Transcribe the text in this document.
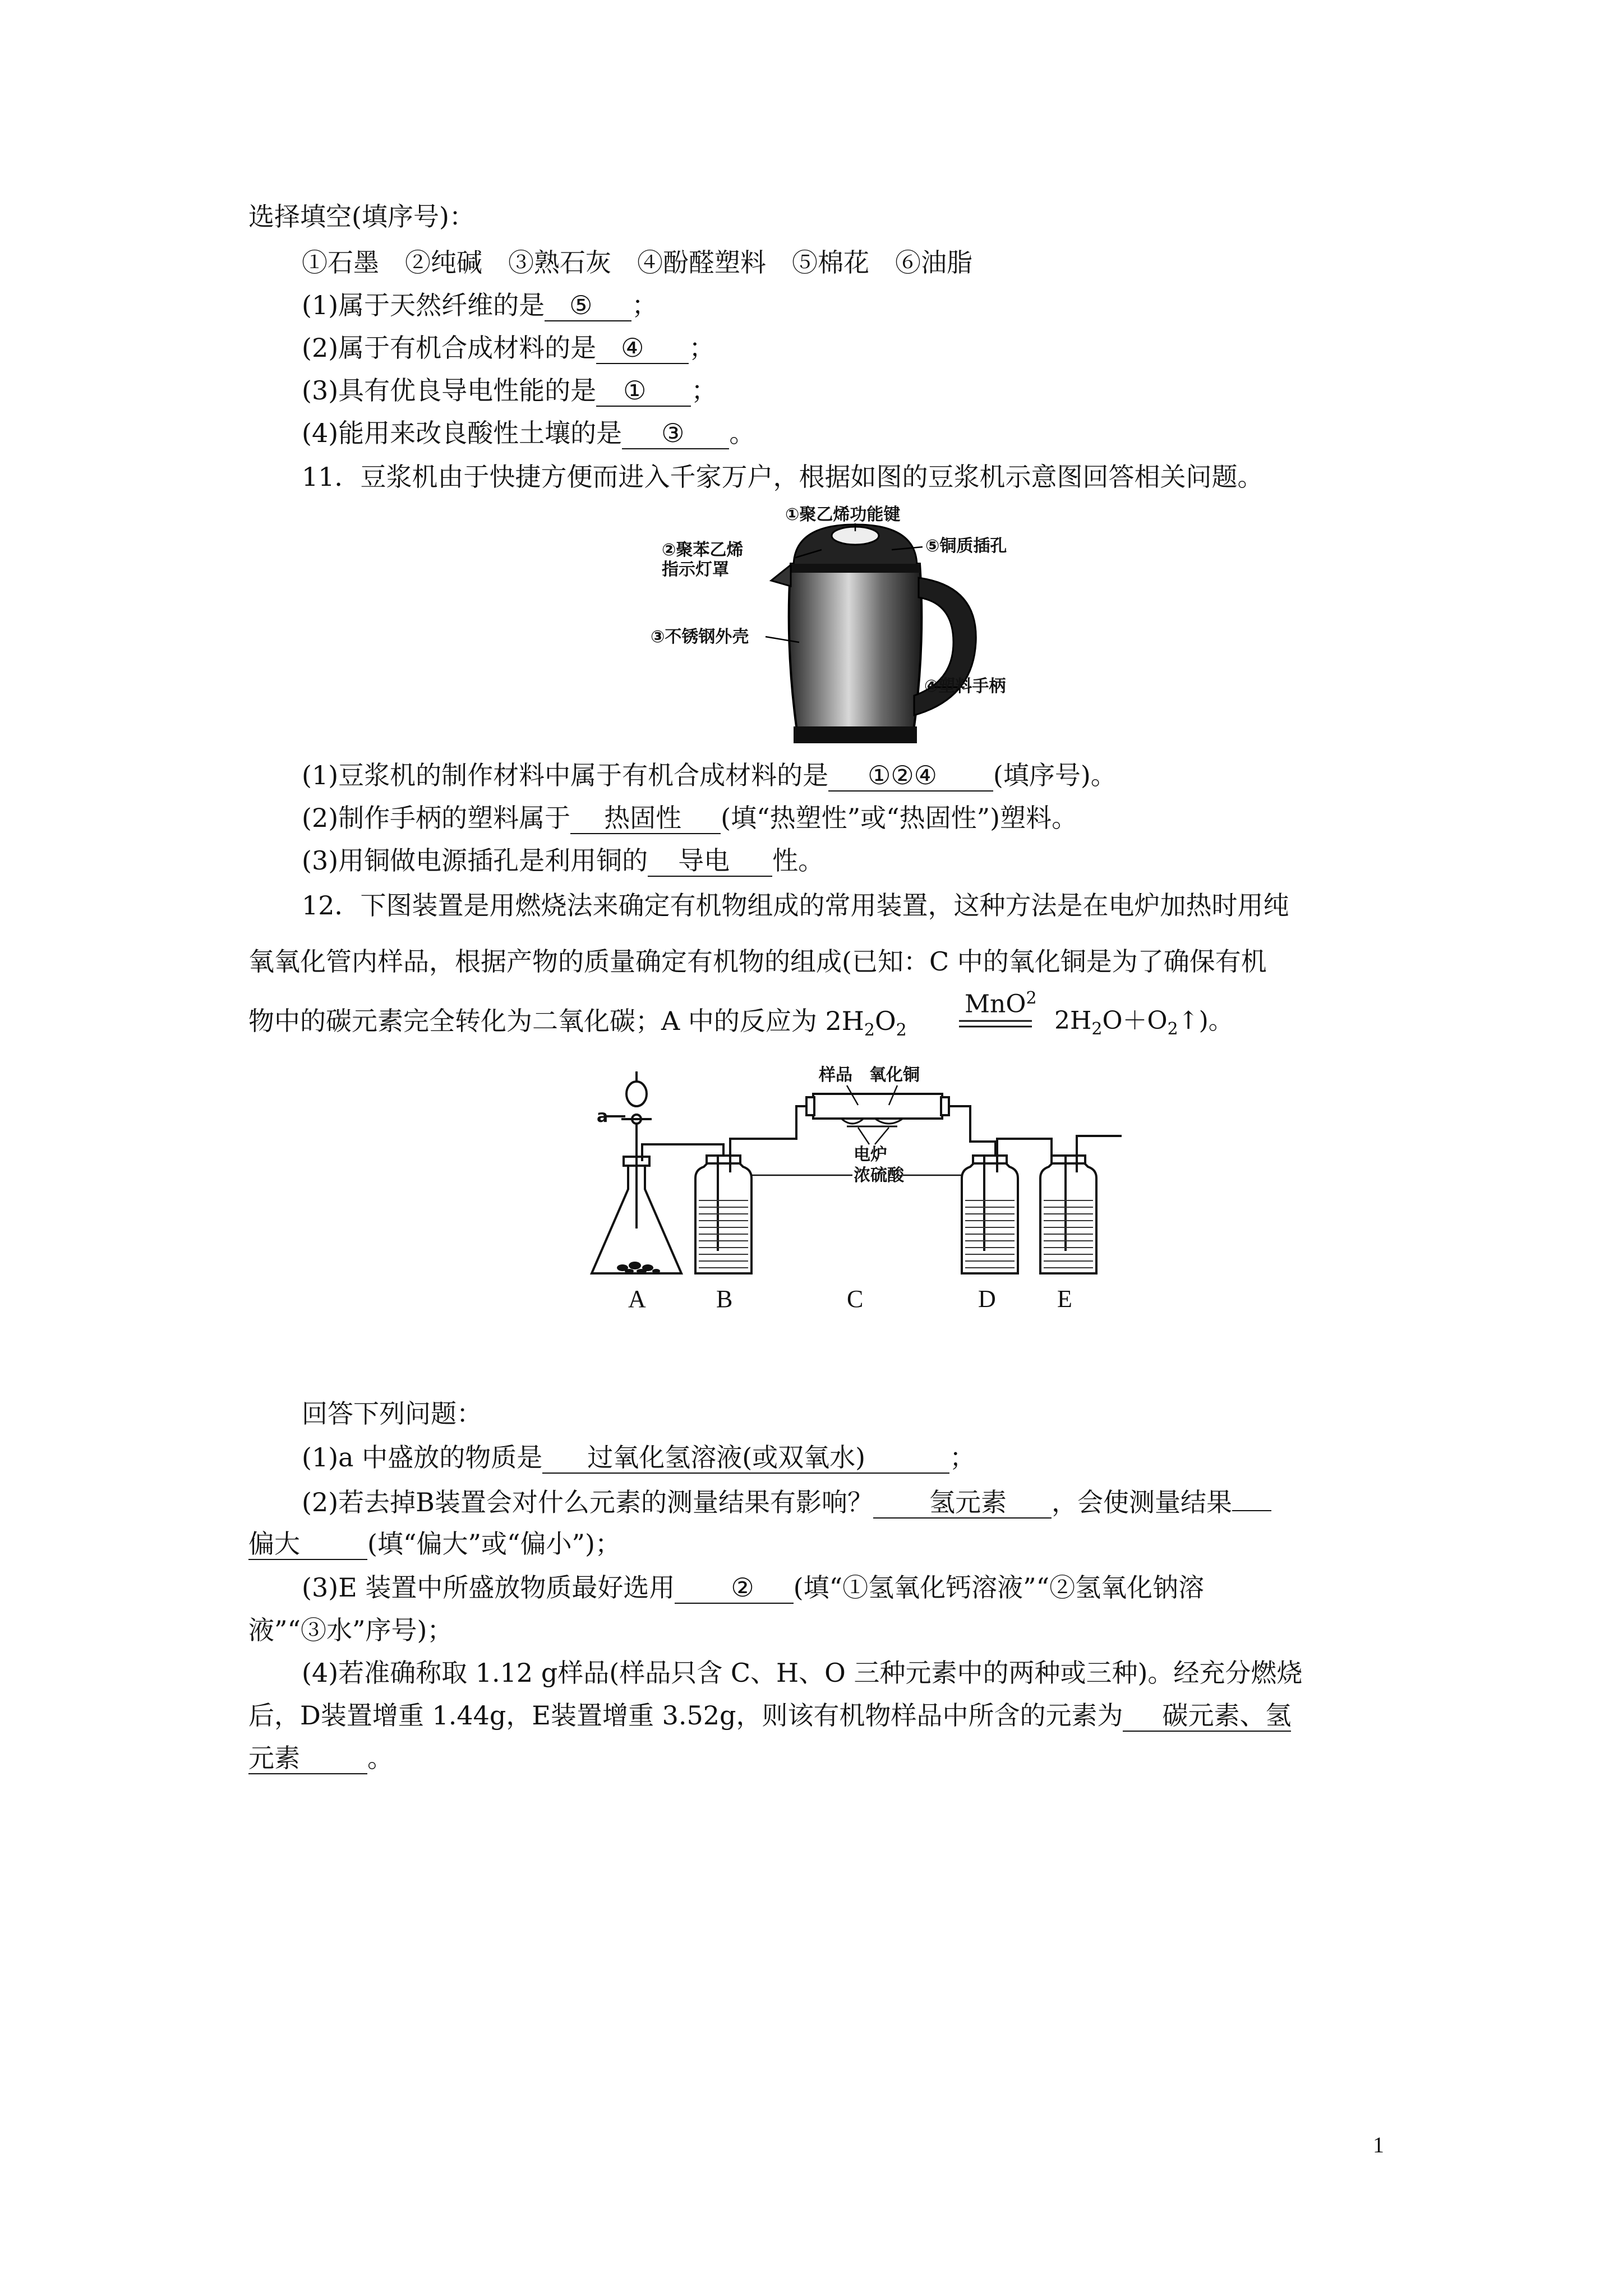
选择填空(填序号)：
①石墨　②纯碱　③熟石灰　④酚醛塑料　⑤棉花　⑥油脂
(1)属于天然纤维的是 ⑤ ；
(2)属于有机合成材料的是 ④ ；
(3)具有优良导电性能的是 ① ；
(4)能用来改良酸性土壤的是 ③ 。
11．豆浆机由于快捷方便而进入千家万户，根据如图的豆浆机示意图回答相关问题。
①聚乙烯功能键
②聚苯乙烯
指示灯罩
⑤铜质插孔
③不锈钢外壳
④塑料手柄
(1)豆浆机的制作材料中属于有机合成材料的是 ①②④ (填序号)。
(2)制作手柄的塑料属于 热固性 (填“热塑性”或“热固性”)塑料。
(3)用铜做电源插孔是利用铜的 导电 性。
12．下图装置是用燃烧法来确定有机物组成的常用装置，这种方法是在电炉加热时用纯
氧氧化管内样品，根据产物的质量确定有机物的组成(已知：C 中的氧化铜是为了确保有机
物中的碳元素完全转化为二氧化碳；A 中的反应为 $2H_2O_2$
MnO$^2$
$2H_2O+O_2↑$)。
a
样品 氧化铜
电炉
浓硫酸
A	B	C	D E
回答下列问题：
(1)a 中盛放的物质是 过氧化氢溶液(或双氧水)	；
(2)若去掉B装置会对什么元素的测量结果有影响？ 氢元素 ，会使测量结果
偏大	(填“偏大”或“偏小”)；
(3)E 装置中所盛放物质最好选用 ② (填“①氢氧化钙溶液”“②氢氧化钠溶
液”“③水”序号)；
(4)若准确称取 1.12 g样品(样品只含 C、H、O 三种元素中的两种或三种)。经充分燃烧
后，D装置增重 1.44g，E装置增重 3.52g，则该有机物样品中所含的元素为 碳元素、氢
元素	。
1
